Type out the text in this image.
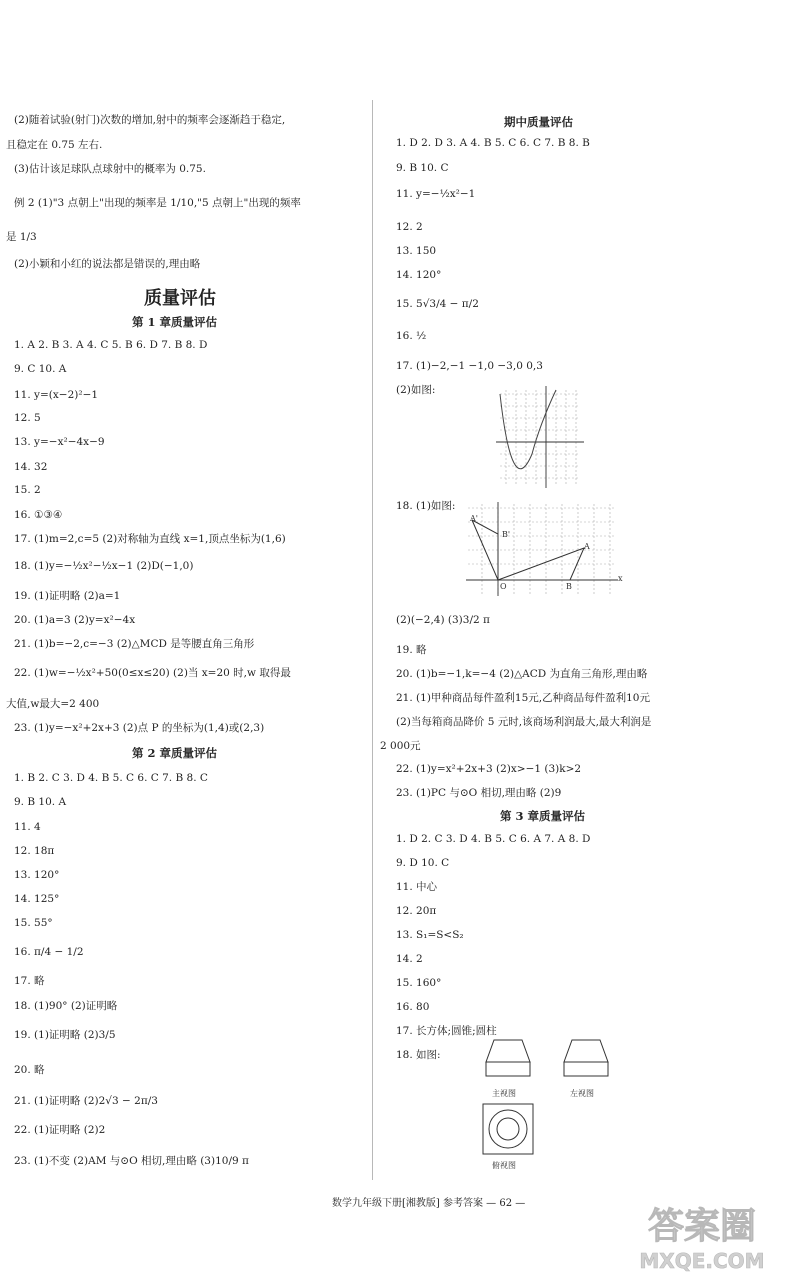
(2)随着试验(射门)次数的增加,射中的频率会逐渐趋于稳定,
且稳定在 0.75 左右.
(3)估计该足球队点球射中的概率为 0.75.
例 2 (1)"3 点朝上"出现的频率是 1/10,"5 点朝上"出现的频率
是 1/3
(2)小颖和小红的说法都是错误的,理由略
质量评估
第 1 章质量评估
1. A 2. B 3. A 4. C 5. B 6. D 7. B 8. D
9. C 10. A
11. y=(x−2)²−1
12. 5
13. y=−x²−4x−9
14. 32
15. 2
16. ①③④
17. (1)m=2,c=5 (2)对称轴为直线 x=1,顶点坐标为(1,6)
18. (1)y=−½x²−½x−1 (2)D(−1,0)
19. (1)证明略 (2)a=1
20. (1)a=3 (2)y=x²−4x
21. (1)b=−2,c=−3 (2)△MCD 是等腰直角三角形
22. (1)w=−½x²+50(0≤x≤20) (2)当 x=20 时,w 取得最
大值,w最大=2 400
23. (1)y=−x²+2x+3 (2)点 P 的坐标为(1,4)或(2,3)
第 2 章质量评估
1. B 2. C 3. D 4. B 5. C 6. C 7. B 8. C
9. B 10. A
11. 4
12. 18π
13. 120°
14. 125°
15. 55°
16. π/4 − 1/2
17. 略
18. (1)90° (2)证明略
19. (1)证明略 (2)3/5
20. 略
21. (1)证明略 (2)2√3 − 2π/3
22. (1)证明略 (2)2
23. (1)不变 (2)AM 与⊙O 相切,理由略 (3)10/9 π
期中质量评估
1. D 2. D 3. A 4. B 5. C 6. C 7. B 8. B
9. B 10. C
11. y=−½x²−1
12. 2
13. 150
14. 120°
15. 5√3/4 − π/2
16. ½
17. (1)−2,−1 −1,0 −3,0 0,3
(2)如图:
18. (1)如图:
A'
B'
A
O	B
x
(2)(−2,4) (3)3/2 π
19. 略
20. (1)b=−1,k=−4 (2)△ACD 为直角三角形,理由略
21. (1)甲种商品每件盈利15元,乙种商品每件盈利10元
(2)当每箱商品降价 5 元时,该商场利润最大,最大利润是
2 000元
22. (1)y=x²+2x+3 (2)x>−1 (3)k>2
23. (1)PC 与⊙O 相切,理由略 (2)9
第 3 章质量评估
1. D 2. C 3. D 4. B 5. C 6. A 7. A 8. D
9. D 10. C
11. 中心
12. 20π
13. S₁=S<S₂
14. 2
15. 160°
16. 80
17. 长方体;圆锥;圆柱
18. 如图:
主视图	左视图
俯视图
数学九年级下册[湘教版] 参考答案 — 62 —
答案圈
MXQE.COM
